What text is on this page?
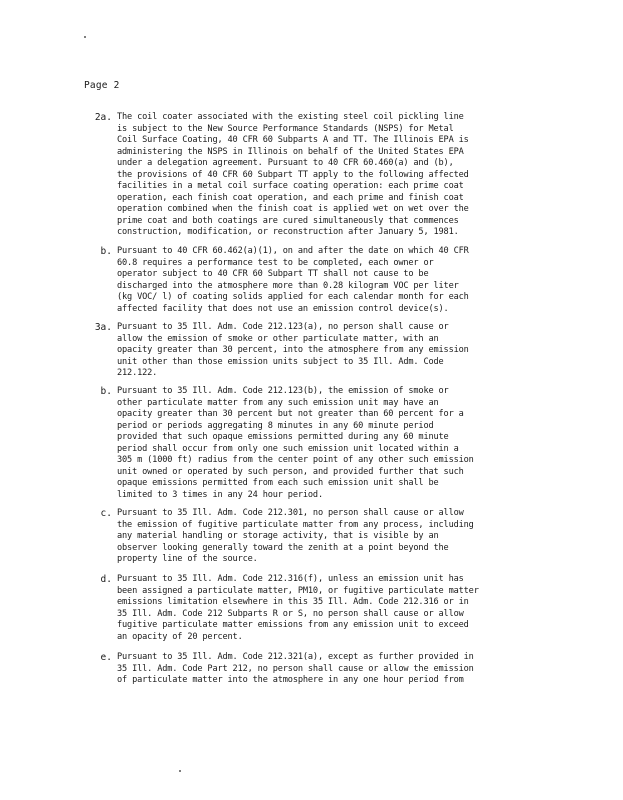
Page 2
2a. The coil coater associated with the existing steel coil pickling line
is subject to the New Source Performance Standards (NSPS) for Metal
Coil Surface Coating, 40 CFR 60 Subparts A and TT. The Illinois EPA is
administering the NSPS in Illinois on behalf of the United States EPA
under a delegation agreement. Pursuant to 40 CFR 60.460(a) and (b),
the provisions of 40 CFR 60 Subpart TT apply to the following affected
facilities in a metal coil surface coating operation: each prime coat
operation, each finish coat operation, and each prime and finish coat
operation combined when the finish coat is applied wet on wet over the
prime coat and both coatings are cured simultaneously that commences
construction, modification, or reconstruction after January 5, 1981.
b. Pursuant to 40 CFR 60.462(a)(1), on and after the date on which 40 CFR
60.8 requires a performance test to be completed, each owner or
operator subject to 40 CFR 60 Subpart TT shall not cause to be
discharged into the atmosphere more than 0.28 kilogram VOC per liter
(kg VOC/ l) of coating solids applied for each calendar month for each
affected facility that does not use an emission control device(s).
3a. Pursuant to 35 Ill. Adm. Code 212.123(a), no person shall cause or
allow the emission of smoke or other particulate matter, with an
opacity greater than 30 percent, into the atmosphere from any emission
unit other than those emission units subject to 35 Ill. Adm. Code
212.122.
b. Pursuant to 35 Ill. Adm. Code 212.123(b), the emission of smoke or
other particulate matter from any such emission unit may have an
opacity greater than 30 percent but not greater than 60 percent for a
period or periods aggregating 8 minutes in any 60 minute period
provided that such opaque emissions permitted during any 60 minute
period shall occur from only one such emission unit located within a
305 m (1000 ft) radius from the center point of any other such emission
unit owned or operated by such person, and provided further that such
opaque emissions permitted from each such emission unit shall be
limited to 3 times in any 24 hour period.
c. Pursuant to 35 Ill. Adm. Code 212.301, no person shall cause or allow
the emission of fugitive particulate matter from any process, including
any material handling or storage activity, that is visible by an
observer looking generally toward the zenith at a point beyond the
property line of the source.
d. Pursuant to 35 Ill. Adm. Code 212.316(f), unless an emission unit has
been assigned a particulate matter, PM10, or fugitive particulate matter
emissions limitation elsewhere in this 35 Ill. Adm. Code 212.316 or in
35 Ill. Adm. Code 212 Subparts R or S, no person shall cause or allow
fugitive particulate matter emissions from any emission unit to exceed
an opacity of 20 percent.
e. Pursuant to 35 Ill. Adm. Code 212.321(a), except as further provided in
35 Ill. Adm. Code Part 212, no person shall cause or allow the emission
of particulate matter into the atmosphere in any one hour period from
